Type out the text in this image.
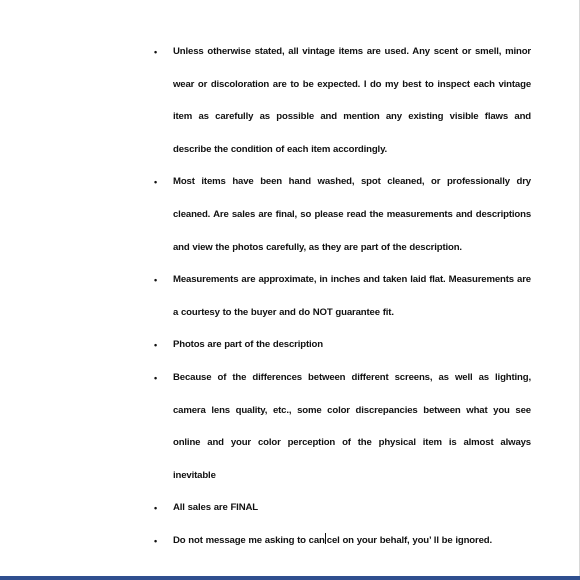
• Unless otherwise stated, all vintage items are used. Any scent or smell, minor wear or discoloration are to be expected. I do my best to inspect each vintage item as carefully as possible and mention any existing visible flaws and describe the condition of each item accordingly.
• Most items have been hand washed, spot cleaned, or professionally dry cleaned. Are sales are final, so please read the measurements and descriptions and view the photos carefully, as they are part of the description.
• Measurements are approximate, in inches and taken laid flat. Measurements are a courtesy to the buyer and do NOT guarantee fit.
• Photos are part of the description
• Because of the differences between different screens, as well as lighting, camera lens quality, etc., some color discrepancies between what you see online and your color perception of the physical item is almost always inevitable
• All sales are FINAL
• Do not message me asking to can cel on your behalf, you’ ll be ignored.
